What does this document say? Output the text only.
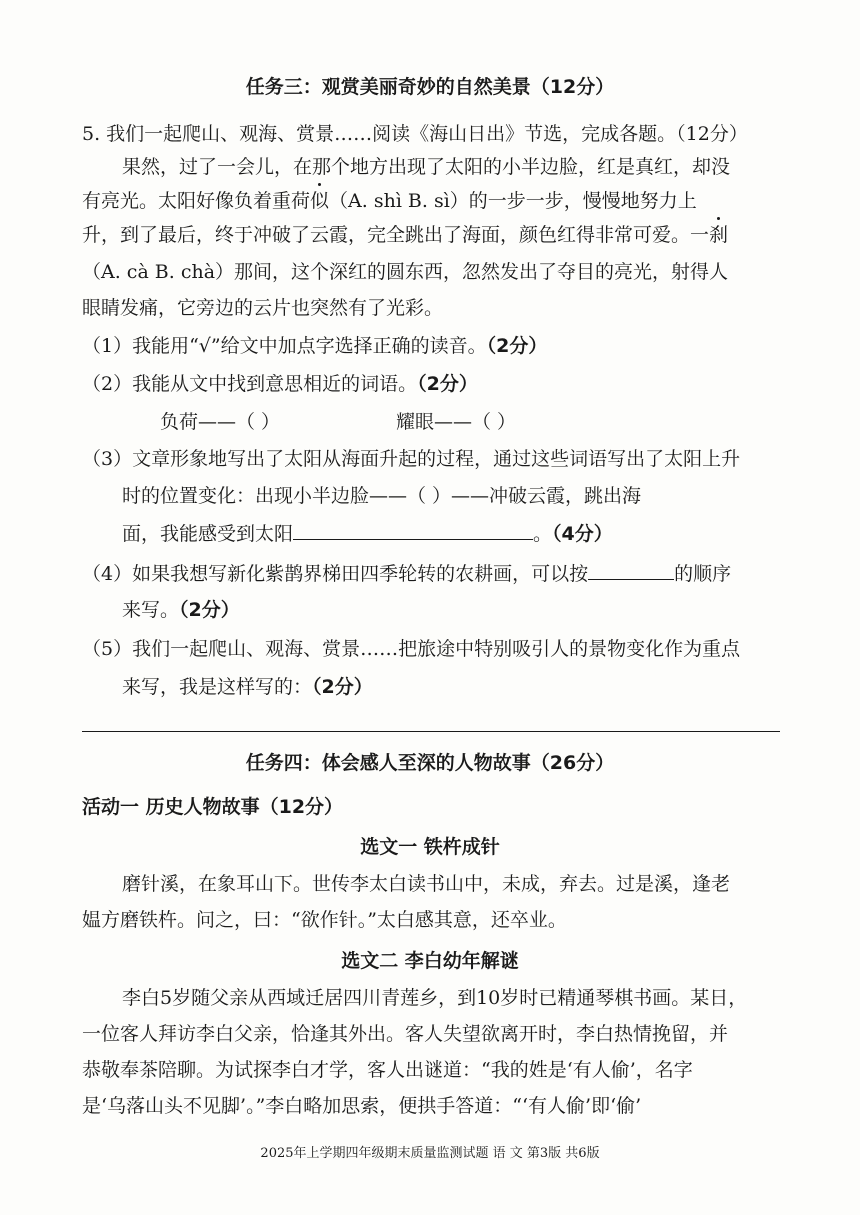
任务三：观赏美丽奇妙的自然美景（12分）
5. 我们一起爬山、观海、赏景……阅读《海山日出》节选，完成各题。（12分）
果然，过了一会儿，在那个地方出现了太阳的小半边脸，红是真红，却没
有亮光。太阳好像负着重荷似（A. shì B. sì）的一步一步，慢慢地努力上
升，到了最后，终于冲破了云霞，完全跳出了海面，颜色红得非常可爱。一刹
（A. cà B. chà）那间，这个深红的圆东西，忽然发出了夺目的亮光，射得人
眼睛发痛，它旁边的云片也突然有了光彩。
（1）我能用“√”给文中加点字选择正确的读音。（2分）
（2）我能从文中找到意思相近的词语。（2分）
负荷——（ ）	耀眼——（ ）
（3）文章形象地写出了太阳从海面升起的过程，通过这些词语写出了太阳上升
时的位置变化：出现小半边脸——（ ）——冲破云霞，跳出海
面，我能感受到太阳	。（4分）
（4）如果我想写新化紫鹊界梯田四季轮转的农耕画，可以按	的顺序
来写。（2分）
（5）我们一起爬山、观海、赏景……把旅途中特别吸引人的景物变化作为重点
来写，我是这样写的：（2分）
任务四：体会感人至深的人物故事（26分）
活动一 历史人物故事（12分）
选文一 铁杵成针
磨针溪，在象耳山下。世传李太白读书山中，未成，弃去。过是溪，逢老
媪方磨铁杵。问之，曰：“欲作针。”太白感其意，还卒业。
选文二 李白幼年解谜
李白5岁随父亲从西域迁居四川青莲乡，到10岁时已精通琴棋书画。某日，
一位客人拜访李白父亲，恰逢其外出。客人失望欲离开时，李白热情挽留，并
恭敬奉茶陪聊。为试探李白才学，客人出谜道：“我的姓是‘有人偷’，名字
是‘乌落山头不见脚’。”李白略加思索，便拱手答道：“‘有人偷’即‘偷’
2025年上学期四年级期末质量监测试题 语 文 第3版 共6版
